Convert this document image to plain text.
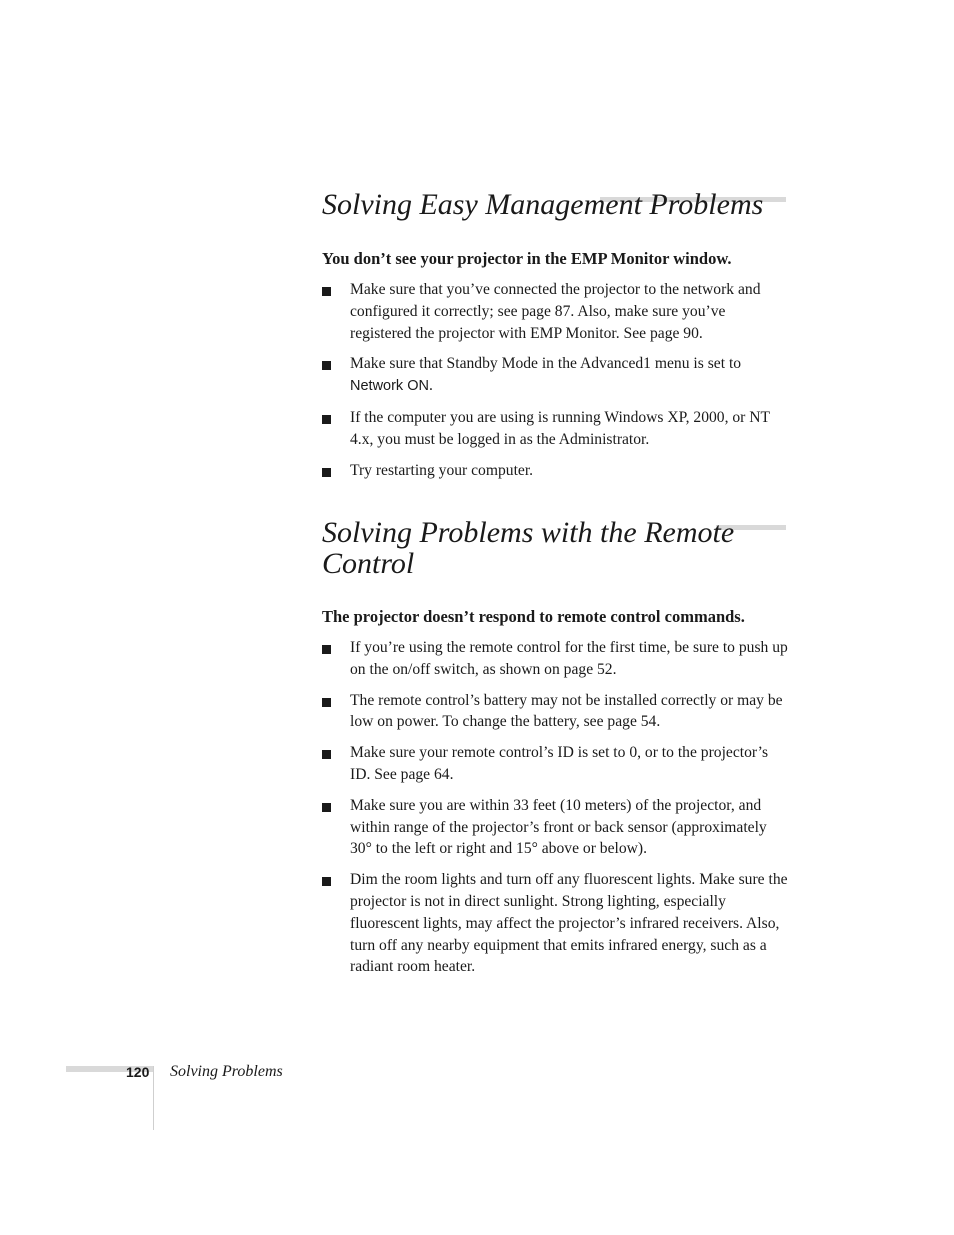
Solving Easy Management Problems

You don’t see your projector in the EMP Monitor window.

Make sure that you’ve connected the projector to the network and configured it correctly; see page 87. Also, make sure you’ve registered the projector with EMP Monitor. See page 90.
Make sure that Standby Mode in the Advanced1 menu is set to Network ON.
If the computer you are using is running Windows XP, 2000, or NT 4.x, you must be logged in as the Administrator.
Try restarting your computer.
Solving Problems with the Remote Control

The projector doesn’t respond to remote control commands.

If you’re using the remote control for the first time, be sure to push up on the on/off switch, as shown on page 52.
The remote control’s battery may not be installed correctly or may be low on power. To change the battery, see page 54.
Make sure your remote control’s ID is set to 0, or to the projector’s ID. See page 64.
Make sure you are within 33 feet (10 meters) of the projector, and within range of the projector’s front or back sensor (approximately 30° to the left or right and 15° above or below).
Dim the room lights and turn off any fluorescent lights. Make sure the projector is not in direct sunlight. Strong lighting, especially fluorescent lights, may affect the projector’s infrared receivers. Also, turn off any nearby equipment that emits infrared energy, such as a radiant room heater.
120 Solving Problems
